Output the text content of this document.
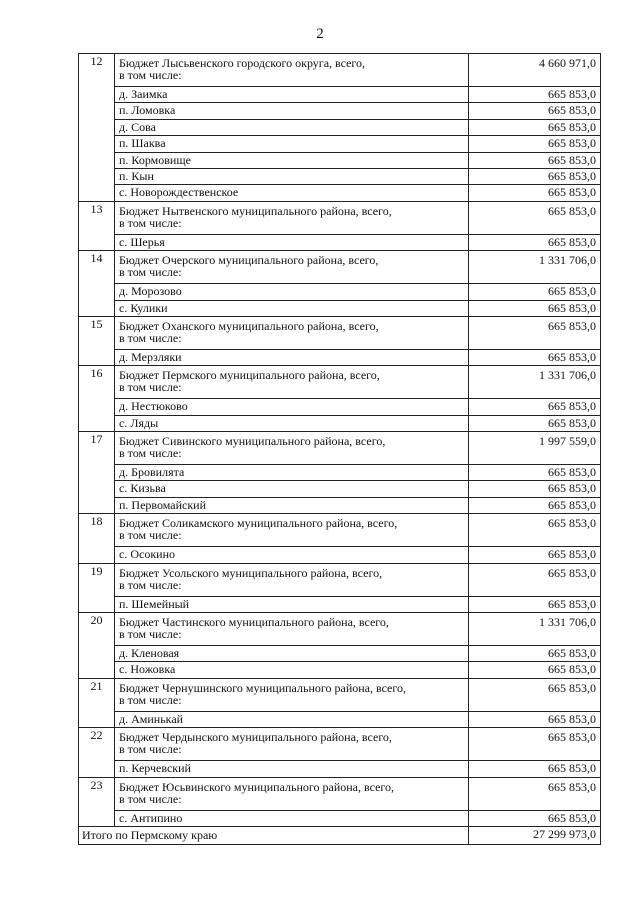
2
12	Бюджет Лысьвенского городского округа, всего,
в том числе:	4 660 971,0
	д. Заимка	665 853,0
	п. Ломовка	665 853,0
	д. Сова	665 853,0
	п. Шаква	665 853,0
	п. Кормовище	665 853,0
	п. Кын	665 853,0
	с. Новорождественское	665 853,0
13	Бюджет Нытвенского муниципального района, всего,
в том числе:	665 853,0
	с. Шерья	665 853,0
14	Бюджет Очерского муниципального района, всего,
в том числе:	1 331 706,0
	д. Морозово	665 853,0
	с. Кулики	665 853,0
15	Бюджет Оханского муниципального района, всего,
в том числе:	665 853,0
	д. Мерзляки	665 853,0
16	Бюджет Пермского муниципального района, всего,
в том числе:	1 331 706,0
	д. Нестюково	665 853,0
	с. Ляды	665 853,0
17	Бюджет Сивинского муниципального района, всего,
в том числе:	1 997 559,0
	д. Бровилята	665 853,0
	с. Кизьва	665 853,0
	п. Первомайский	665 853,0
18	Бюджет Соликамского муниципального района, всего,
в том числе:	665 853,0
	с. Осокино	665 853,0
19	Бюджет Усольского муниципального района, всего,
в том числе:	665 853,0
	п. Шемейный	665 853,0
20	Бюджет Частинского муниципального района, всего,
в том числе:	1 331 706,0
	д. Кленовая	665 853,0
	с. Ножовка	665 853,0
21	Бюджет Чернушинского муниципального района, всего,
в том числе:	665 853,0
	д. Аминькай	665 853,0
22	Бюджет Чердынского муниципального района, всего,
в том числе:	665 853,0
	п. Керчевский	665 853,0
23	Бюджет Юсьвинского муниципального района, всего,
в том числе:	665 853,0
	с. Антипино	665 853,0
Итого по Пермскому краю		27 299 973,0
